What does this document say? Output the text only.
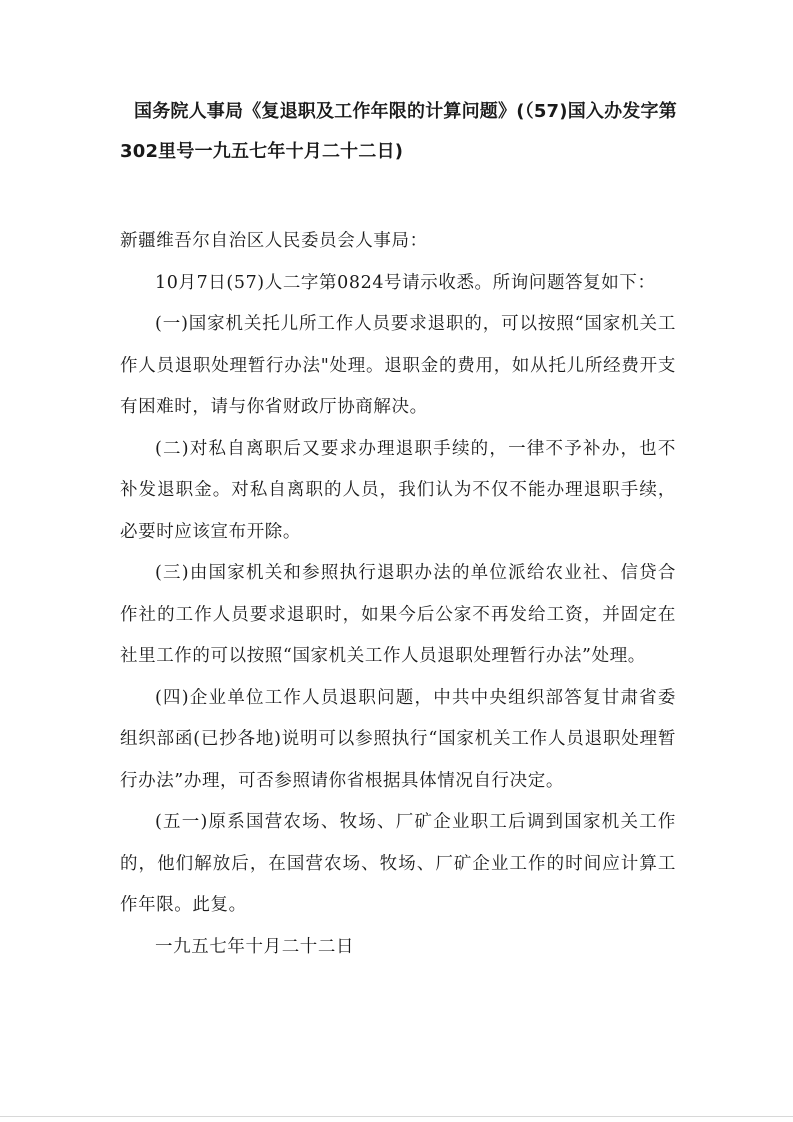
国务院人事局《复退职及工作年限的计算问题》(（57)国入办发字第302里号一九五七年十月二十二日)

新疆维吾尔自治区人民委员会人事局：

10月7日(57)人二字第0824号请示收悉。所询问题答复如下：

(一)国家机关托儿所工作人员要求退职的，可以按照“国家机关工作人员退职处理暂行办法"处理。退职金的费用，如从托儿所经费开支有困难时，请与你省财政厅协商解决。

(二)对私自离职后又要求办理退职手续的，一律不予补办，也不补发退职金。对私自离职的人员，我们认为不仅不能办理退职手续，必要时应该宣布开除。

(三)由国家机关和参照执行退职办法的单位派给农业社、信贷合作社的工作人员要求退职时，如果今后公家不再发给工资，并固定在社里工作的可以按照“国家机关工作人员退职处理暂行办法”处理。

(四)企业单位工作人员退职问题，中共中央组织部答复甘肃省委组织部函(已抄各地)说明可以参照执行“国家机关工作人员退职处理暂行办法”办理，可否参照请你省根据具体情况自行决定。

(五一)原系国营农场、牧场、厂矿企业职工后调到国家机关工作的，他们解放后，在国营农场、牧场、厂矿企业工作的时间应计算工作年限。此复。

一九五七年十月二十二日
